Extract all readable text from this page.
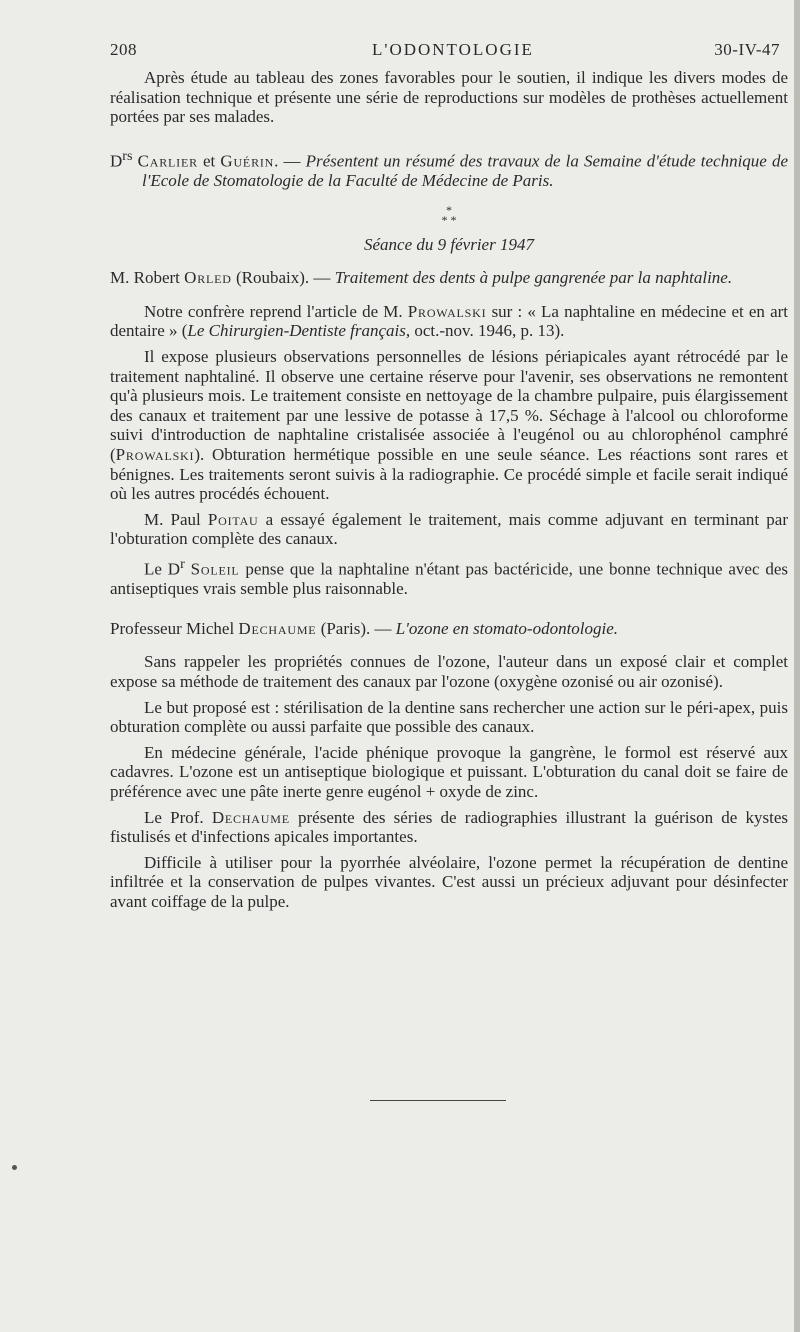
208	L'ODONTOLOGIE	30-IV-47

Après étude au tableau des zones favorables pour le soutien, il indique les divers modes de réalisation technique et présente une série de reproductions sur modèles de prothèses actuellement portées par ses malades.

$D^{rs}$ Carlier et Guérin. — Présentent un résumé des travaux de la Semaine d'étude technique de l'Ecole de Stomatologie de la Faculté de Médecine de Paris.

*
* *
Séance du 9 février 1947

M. Robert Orled (Roubaix). — Traitement des dents à pulpe gangrenée par la naphtaline.

Notre confrère reprend l'article de M. Prowalski sur : « La naphtaline en médecine et en art dentaire » (Le Chirurgien-Dentiste français, oct.-nov. 1946, p. 13).

Il expose plusieurs observations personnelles de lésions périapicales ayant rétrocédé par le traitement naphtaliné. Il observe une certaine réserve pour l'avenir, ses observations ne remontent qu'à plusieurs mois. Le traitement consiste en nettoyage de la chambre pulpaire, puis élargissement des canaux et traitement par une lessive de potasse à 17,5 %. Séchage à l'alcool ou chloroforme suivi d'introduction de naphtaline cristalisée associée à l'eugénol ou au chlorophénol camphré (Prowalski). Obturation hermétique possible en une seule séance. Les réactions sont rares et bénignes. Les traitements seront suivis à la radiographie. Ce procédé simple et facile serait indiqué où les autres procédés échouent.

M. Paul Poitau a essayé également le traitement, mais comme adjuvant en terminant par l'obturation complète des canaux.

Le $D^r$ Soleil pense que la naphtaline n'étant pas bactéricide, une bonne technique avec des antiseptiques vrais semble plus raisonnable.

Professeur Michel Dechaume (Paris). — L'ozone en stomato-odontologie.

Sans rappeler les propriétés connues de l'ozone, l'auteur dans un exposé clair et complet expose sa méthode de traitement des canaux par l'ozone (oxygène ozonisé ou air ozonisé).

Le but proposé est : stérilisation de la dentine sans rechercher une action sur le péri-apex, puis obturation complète ou aussi parfaite que possible des canaux.

En médecine générale, l'acide phénique provoque la gangrène, le formol est réservé aux cadavres. L'ozone est un antiseptique biologique et puissant. L'obturation du canal doit se faire de préférence avec une pâte inerte genre eugénol + oxyde de zinc.

Le Prof. Dechaume présente des séries de radiographies illustrant la guérison de kystes fistulisés et d'infections apicales importantes.

Difficile à utiliser pour la pyorrhée alvéolaire, l'ozone permet la récupération de dentine infiltrée et la conservation de pulpes vivantes. C'est aussi un précieux adjuvant pour désinfecter avant coiffage de la pulpe.
